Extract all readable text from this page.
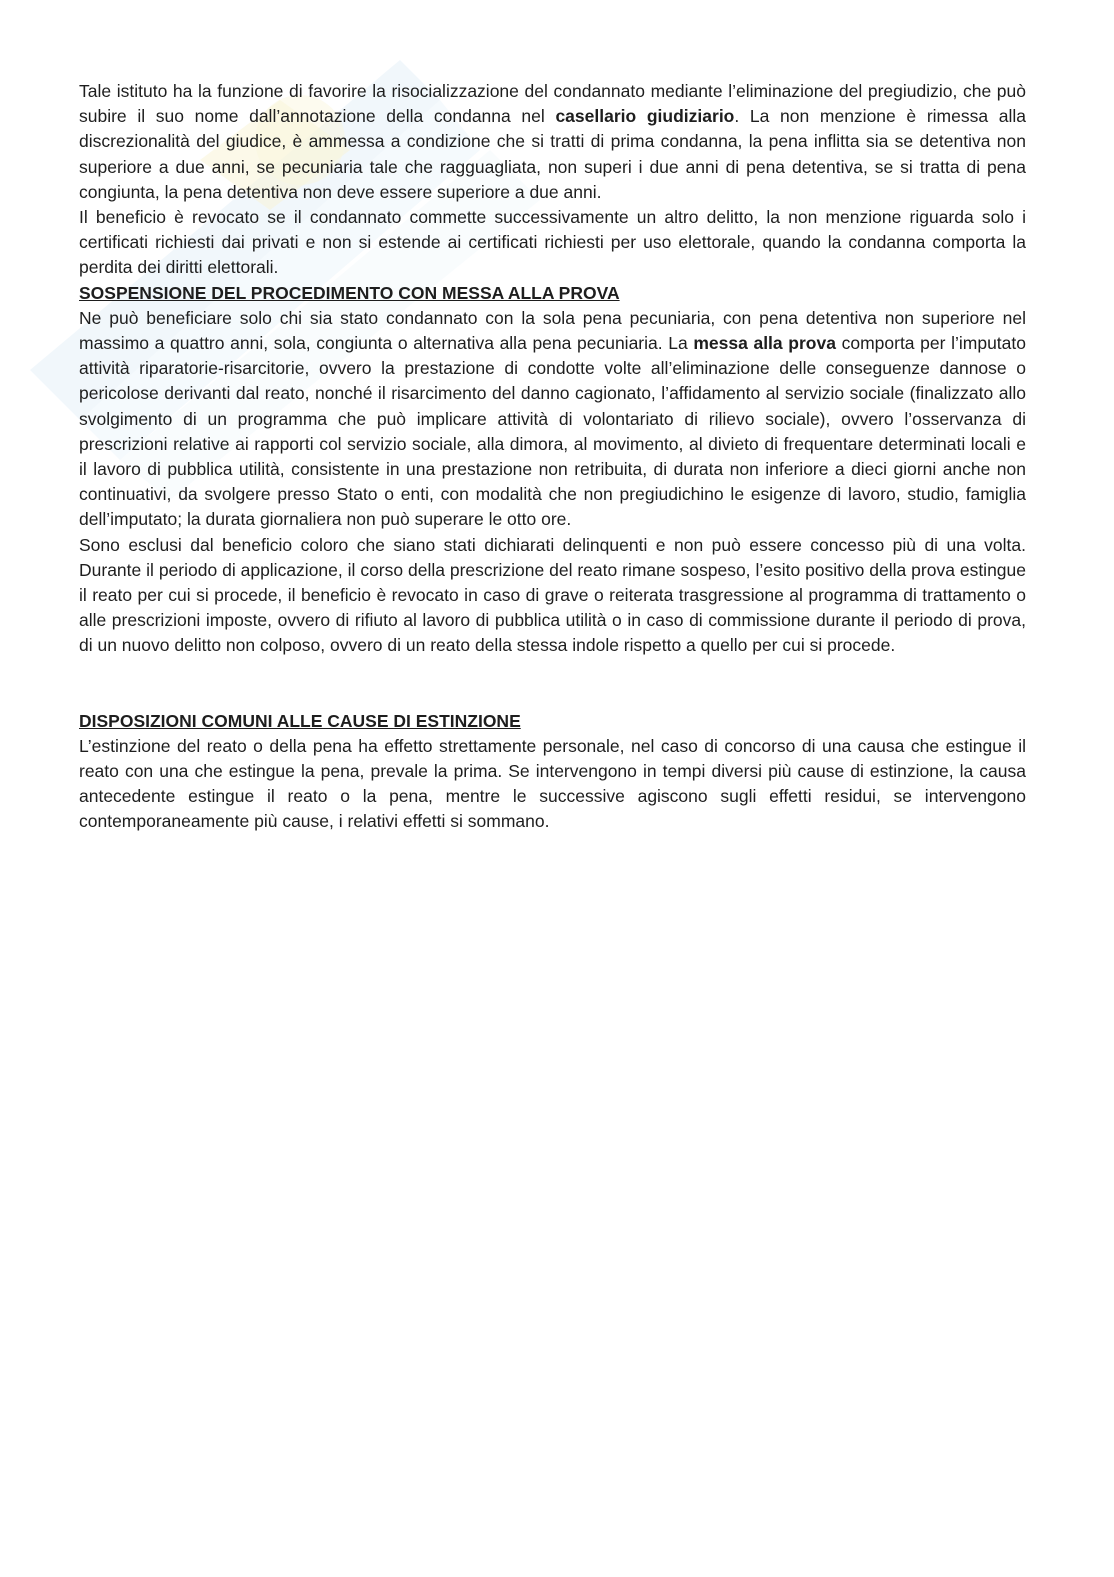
Tale istituto ha la funzione di favorire la risocializzazione del condannato mediante l’eliminazione del pregiudizio, che può subire il suo nome dall’annotazione della condanna nel casellario giudiziario. La non menzione è rimessa alla discrezionalità del giudice, è ammessa a condizione che si tratti di prima condanna, la pena inflitta sia se detentiva non superiore a due anni, se pecuniaria tale che ragguagliata, non superi i due anni di pena detentiva, se si tratta di pena congiunta, la pena detentiva non deve essere superiore a due anni.

Il beneficio è revocato se il condannato commette successivamente un altro delitto, la non menzione riguarda solo i certificati richiesti dai privati e non si estende ai certificati richiesti per uso elettorale, quando la condanna comporta la perdita dei diritti elettorali.

SOSPENSIONE DEL PROCEDIMENTO CON MESSA ALLA PROVA

Ne può beneficiare solo chi sia stato condannato con la sola pena pecuniaria, con pena detentiva non superiore nel massimo a quattro anni, sola, congiunta o alternativa alla pena pecuniaria. La messa alla prova comporta per l’imputato attività riparatorie-risarcitorie, ovvero la prestazione di condotte volte all’eliminazione delle conseguenze dannose o pericolose derivanti dal reato, nonché il risarcimento del danno cagionato, l’affidamento al servizio sociale (finalizzato allo svolgimento di un programma che può implicare attività di volontariato di rilievo sociale), ovvero l’osservanza di prescrizioni relative ai rapporti col servizio sociale, alla dimora, al movimento, al divieto di frequentare determinati locali e il lavoro di pubblica utilità, consistente in una prestazione non retribuita, di durata non inferiore a dieci giorni anche non continuativi, da svolgere presso Stato o enti, con modalità che non pregiudichino le esigenze di lavoro, studio, famiglia dell’imputato; la durata giornaliera non può superare le otto ore.

Sono esclusi dal beneficio coloro che siano stati dichiarati delinquenti e non può essere concesso più di una volta. Durante il periodo di applicazione, il corso della prescrizione del reato rimane sospeso, l’esito positivo della prova estingue il reato per cui si procede, il beneficio è revocato in caso di grave o reiterata trasgressione al programma di trattamento o alle prescrizioni imposte, ovvero di rifiuto al lavoro di pubblica utilità o in caso di commissione durante il periodo di prova, di un nuovo delitto non colposo, ovvero di un reato della stessa indole rispetto a quello per cui si procede.

DISPOSIZIONI COMUNI ALLE CAUSE DI ESTINZIONE

L’estinzione del reato o della pena ha effetto strettamente personale, nel caso di concorso di una causa che estingue il reato con una che estingue la pena, prevale la prima. Se intervengono in tempi diversi più cause di estinzione, la causa antecedente estingue il reato o la pena, mentre le successive agiscono sugli effetti residui, se intervengono contemporaneamente più cause, i relativi effetti si sommano.
